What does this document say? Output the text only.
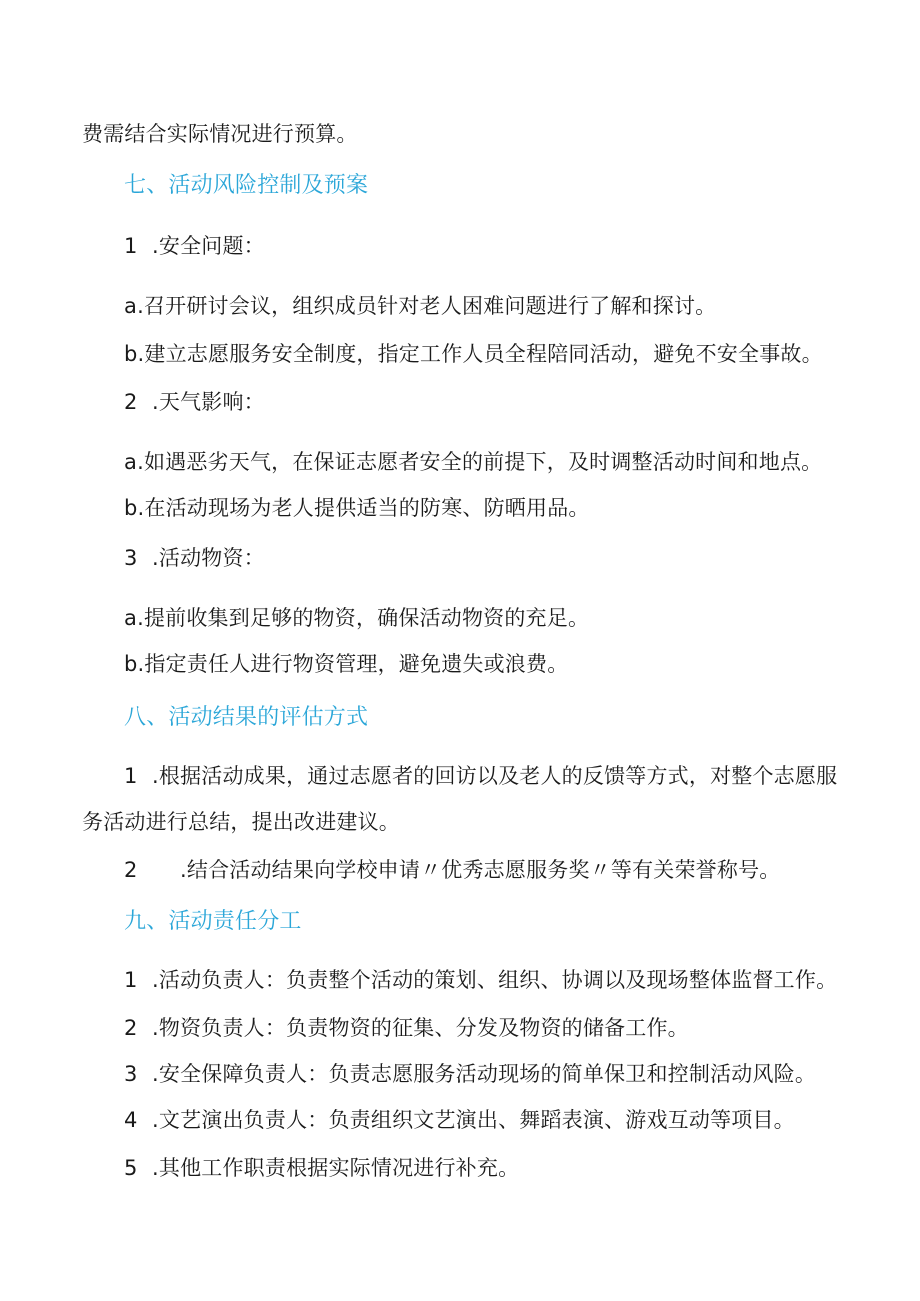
费需结合实际情况进行预算。
七、活动风险控制及预案
1 .安全问题：
a.召开研讨会议，组织成员针对老人困难问题进行了解和探讨。
b.建立志愿服务安全制度，指定工作人员全程陪同活动，避免不安全事故。
2 .天气影响：
a.如遇恶劣天气，在保证志愿者安全的前提下，及时调整活动时间和地点。
b.在活动现场为老人提供适当的防寒、防晒用品。
3 .活动物资：
a.提前收集到足够的物资，确保活动物资的充足。
b.指定责任人进行物资管理，避免遗失或浪费。
八、活动结果的评估方式
1 .根据活动成果，通过志愿者的回访以及老人的反馈等方式，对整个志愿服
务活动进行总结，提出改进建议。
2 .结合活动结果向学校申请〃优秀志愿服务奖〃等有关荣誉称号。
九、活动责任分工
1 .活动负责人：负责整个活动的策划、组织、协调以及现场整体监督工作。
2 .物资负责人：负责物资的征集、分发及物资的储备工作。
3 .安全保障负责人：负责志愿服务活动现场的简单保卫和控制活动风险。
4 .文艺演出负责人：负责组织文艺演出、舞蹈表演、游戏互动等项目。
5 .其他工作职责根据实际情况进行补充。
